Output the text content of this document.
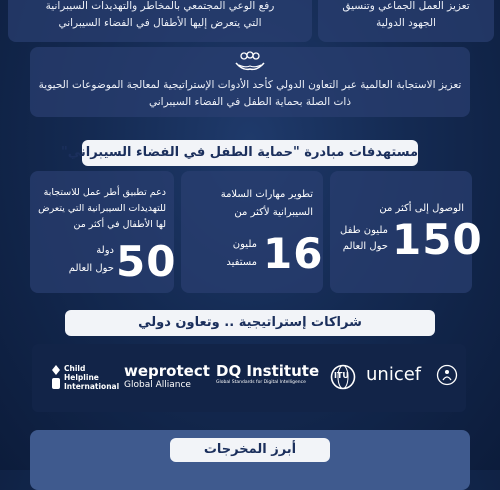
تعزيز العمل الجماعي وتنسيق
الجهود الدولية
رفع الوعي المجتمعي بالمخاطر والتهديدات السيبرانية
التي يتعرض إليها الأطفال في الفضاء السيبراني
تعزيز الاستجابة العالمية عبر التعاون الدولي كأحد الأدوات الإستراتيجية لمعالجة الموضوعات الحيوية
ذات الصلة بحماية الطفل في الفضاء السيبراني
مستهدفات مبادرة "حماية الطفل في الفضاء السيبراني"
الوصول إلى أكثر من
150
مليون طفل
حول العالم
تطوير مهارات السلامة
السيبرانية لأكثر من
16
مليون
مستفيد
دعم تطبيق أطر عمل للاستجابة
للتهديدات السيبرانية التي يتعرض
لها الأطفال في أكثر من
دولة
حول العالم 50
شراكات إستراتيجية .. وتعاون دولي
Child
Helpline
International
weprotect
Global Alliance
DQ Institute
Global Standards for Digital Intelligence
ITU unicef
أبرز المخرجات
